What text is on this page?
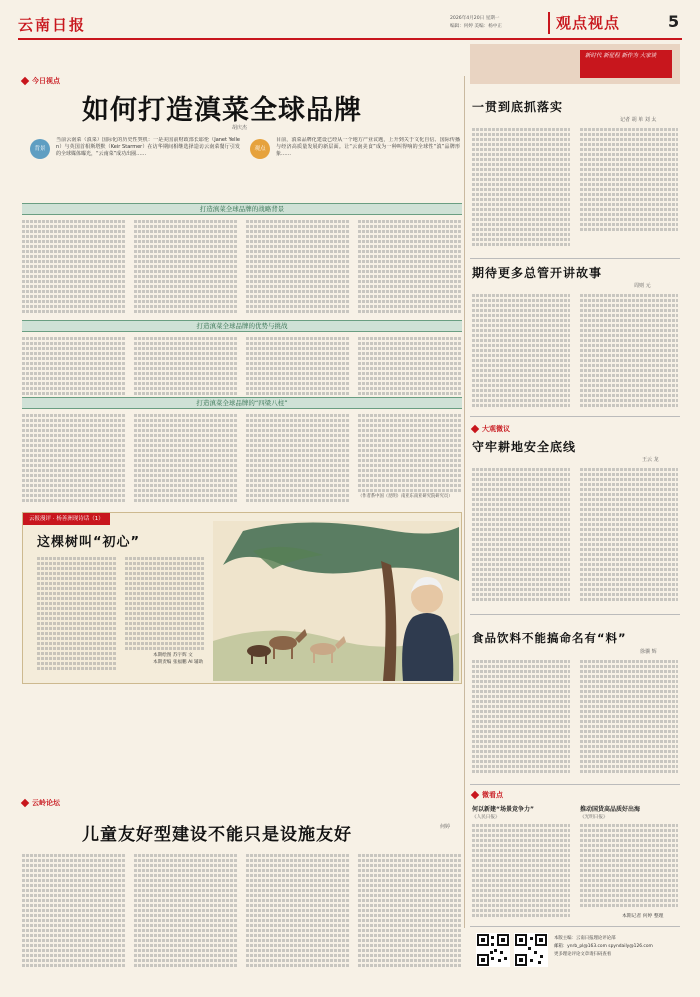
云南日报	2026年4月20日 星期一
编辑：何婷 美编：杨中正	观点视点	5
今日视点
如何打造滇菜全球品牌
胡庆杰
背景
当前云南菜（滇菜）国际化的历史性契机：一是美国前财政部长耶伦（Janet Yellen）与英国首相斯塔默（Keir Starmer）在访华期间相继选择造访云南菜餐厅引发的全球媒体曝光，“云南菜”成功出圈……
观点
目前，滇菜品牌化建设已经从一个地方产业议题，上升到关于文化自信、国际传播与经济高质量发展的新层面。让“云南美食”成为一种叫得响的全球性“滇”品牌形象……
打造滇菜全球品牌的战略背景
打造滇菜全球品牌的优势与挑战
打造滇菜全球品牌的“四梁八柱”
（作者系中国（昆明）南亚东南亚研究院研究员）
云报漫评 · 杨善洲现诗话（1）
这棵树叫“初心”
本期绘图 苏宇辉 文
本期责编 张福鹏 AI 辅助
云岭论坛
儿童友好型建设不能只是设施友好	何婷
新时代 新征程 新作为 大家谈
一贯到底抓落实
记者 胡 单 刘 太
期待更多总管开讲故事
周则 元
大观微议
守牢耕地安全底线
王云 龙
食品饮料不能搞命名有“料”
徐骥 辉
微看点
何以新建“场景竞争力”
《人民日报》
推动国货高品质好出海
《光明日报》
本期记者 何婷 整理
本版主编：云南日报理论评论部
邮箱：ynrb_pl@163.com spyndaily@126.com
更多理论评论文章请扫码查看
